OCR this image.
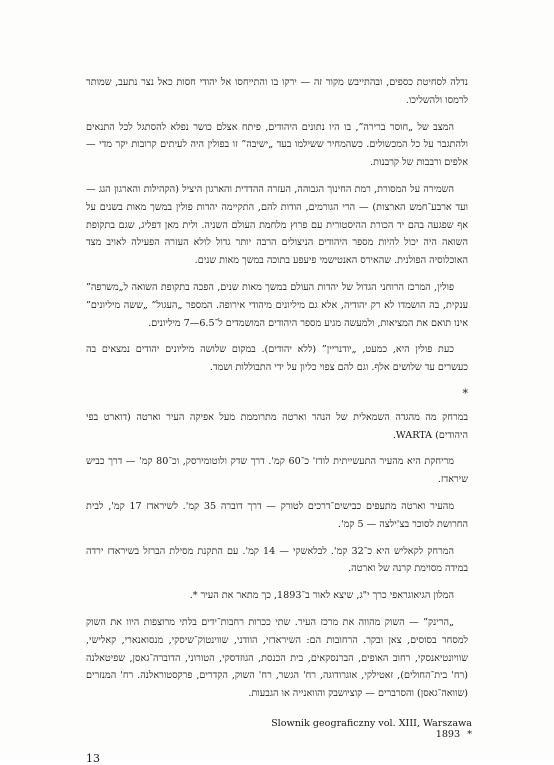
נדלה לסחיטת כספים, ובהתייבש מקור זה — ירקו בו והתייחסו אל יהודי חסות כאל נצר נתעב, שמותר לרמסו ולהשליכו.

המצב של „חוסר ברירה”, בו היו נתונים היהודים, פיתח אצלם כושר נפלא להסתגל לכל התנאים ולהתגבר על כל המכשולים. כשהמחיר ששילמו בעד „ישיבה” זו בפולין היה לעיתים קרובות יקר מדי — אלפים ורבבות של קרבנות.

השמירה על המסורת, רמת החינוך הגבוהה, העזרה ההדדית והארגון היציל (הקהילות והארגון הגג — ועד ארבע־חמש הארצות) — הרי הגורמים, הודות להם, התקיימה יהדות פולין במשך מאות בשנים על אף שפגעה בהם יד הכורת ההיסטורית עם פרוץ מלחמת העולם השניה. ולית מאן דפליג, שגם בתקופת השואה היה יכול להיות מספר היהודים הניצולים הרבה יותר גדול לולא העזרה הפעילה לאויב מצד האוכלוסיה הפולנית. שהאירס האנטישמי פיעפע בתוכה במשך מאות שנים.

פולין, המרכז הרוחני הגדול של יהדות העולם במשך מאות שנים, הפכה בתקופת השואה ל„משרפה” ענקית, בה הושמדו לא רק יהודיה, אלא גם מיליונים מיהודי אירופה. המספר „העגול” „ששה מיליונים” אינו תואם את המציאות, ולמעשה מגיע מספר היהודים המושמדים ל־6.5—7 מיליונים.

כעת פולין היא, כמעט, „יודנריין” (ללא יהודים). במקום שלושה מיליונים יהודים נמצאים בה כעשרים עד שלושים אלף. וגם להם צפוי כליון על ידי התבוללות ושמד.

*

במרחק מה מהגדה השמאלית של הנהר וארטה מתרוממת מעל אפיקה העיר וארטה (דוארט בפי היהודים) WARTA.

מריחקת היא מהעיר התעשייתית לודז' כ־60 קמ'. דרך שדק ולוטומירסק, וכ־80 קמ' — דרך כביש שיראדז.

מהעיר וארטה מתעפים כבישים־דרכים לטורק — דרך דוברה 35 קמ'. לשיראדז 17 קמ', לבית החרושת לסוכר בצ'ילצה — 5 קמ'.

המרחק לקאליש היא כ־32 קמ'. לבלאשקי — 14 קמ'. עם התקנת מסילת הברזל בשיראדז ירדה במידה מסוימת קרנה של וארטה.

המלון הגיאוגראפי כרך י"ג, שיצא לאור ב־1893, כך מתאר את העיר *.

„הרינק” — השוק מהווה את מרכז העיר. שתי ככרות רחבות־ידים בלתי מרוצפות היוו את השוק למסחר בסוסים, צאן ובקר. הרחובות הם: השיראדזי, הוודני, שווינטוק־שיסקי, מנסואנארי, קאלישי, שוויונטיאנסקי, רחוב האופים, הברנסקאים, בית הכנסת, הגוזדסקי, הטורוני, הדוברה־גאסן, שפיטאלנה (רח' בית־החולים), זאטילקי, אוגרודוגה, רח' הגשר, רח' השוק, הקדרים, פרקסטוראלנה. רח' המנזרים (שוואה־גאסן) והסרברים — קוציושבק והוואנייה או הגבעות.

Slownik geograficzny vol. XIII, Warszawa 1893 *
13
